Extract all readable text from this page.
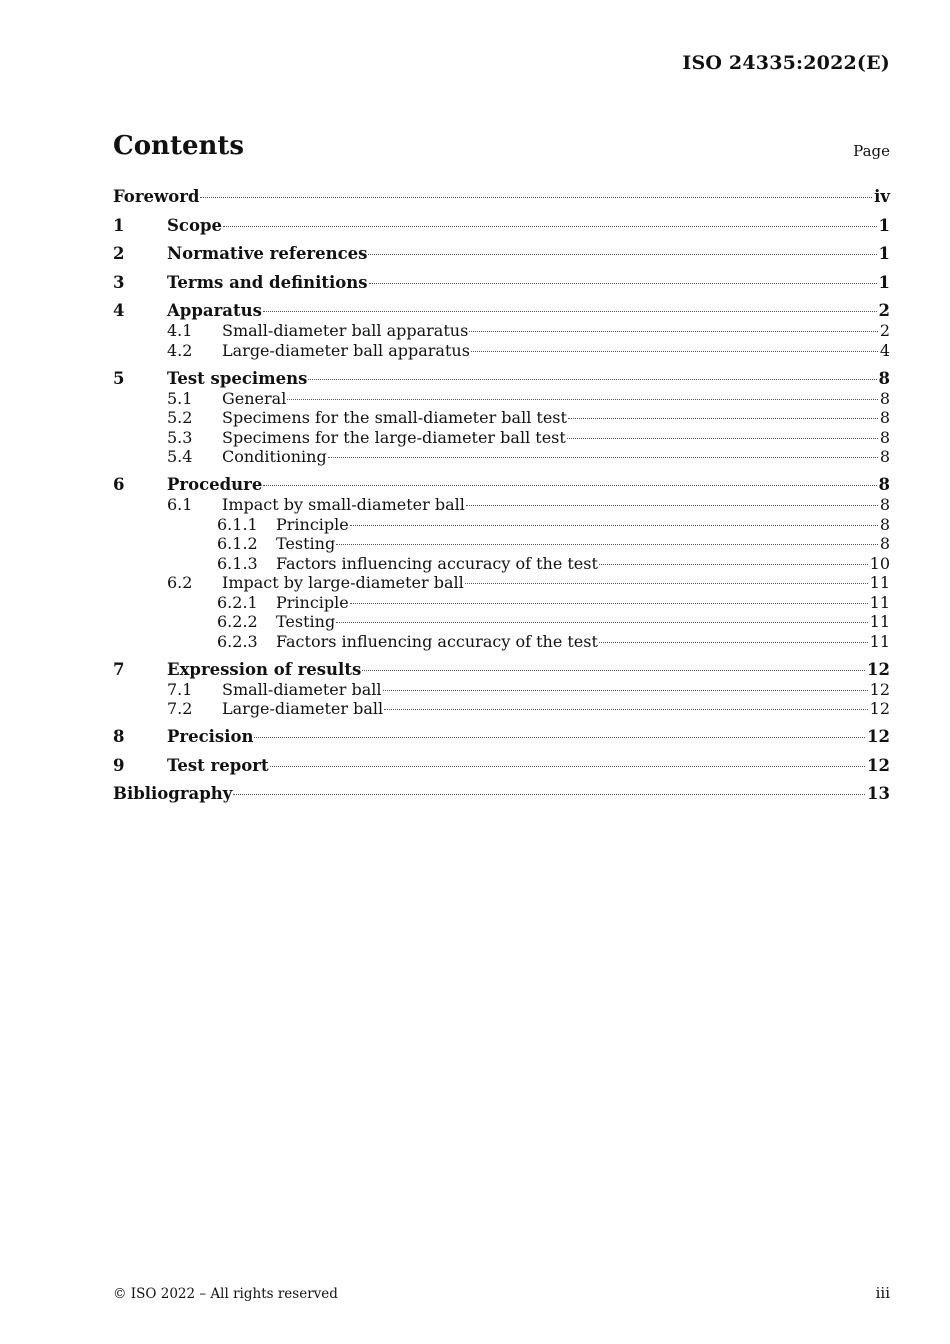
ISO 24335:2022(E)
Contents	Page
Foreword	iv
1	Scope	1
2	Normative references	1
3	Terms and definitions	1
4	Apparatus	2
4.1	Small-diameter ball apparatus	2
4.2	Large-diameter ball apparatus	4
5	Test specimens	8
5.1	General	8
5.2	Specimens for the small-diameter ball test	8
5.3	Specimens for the large-diameter ball test	8
5.4	Conditioning	8
6	Procedure	8
6.1	Impact by small-diameter ball	8
6.1.1	Principle	8
6.1.2	Testing	8
6.1.3	Factors influencing accuracy of the test	10
6.2	Impact by large-diameter ball	11
6.2.1	Principle	11
6.2.2	Testing	11
6.2.3	Factors influencing accuracy of the test	11
7	Expression of results	12
7.1	Small-diameter ball	12
7.2	Large-diameter ball	12
8	Precision	12
9	Test report	12
Bibliography	13
© ISO 2022 – All rights reserved	iii
